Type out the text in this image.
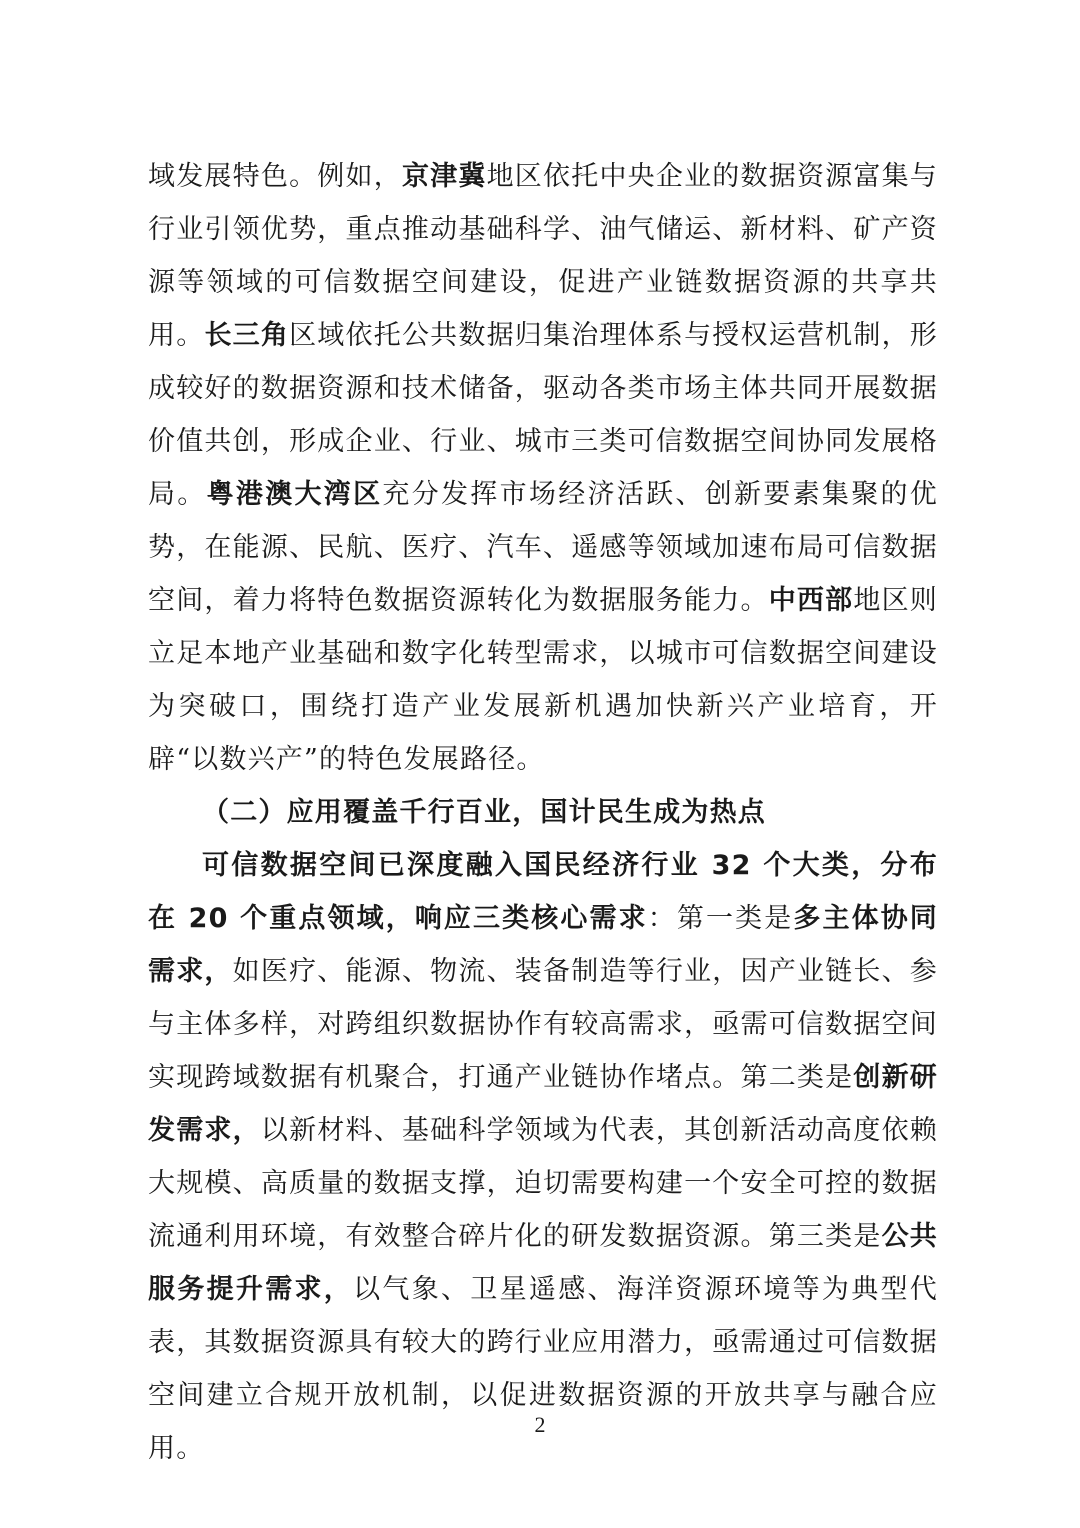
域发展特色。例如，京津冀地区依托中央企业的数据资源富集与行业引领优势，重点推动基础科学、油气储运、新材料、矿产资源等领域的可信数据空间建设，促进产业链数据资源的共享共用。长三角区域依托公共数据归集治理体系与授权运营机制，形成较好的数据资源和技术储备，驱动各类市场主体共同开展数据价值共创，形成企业、行业、城市三类可信数据空间协同发展格局。粤港澳大湾区充分发挥市场经济活跃、创新要素集聚的优势，在能源、民航、医疗、汽车、遥感等领域加速布局可信数据空间，着力将特色数据资源转化为数据服务能力。中西部地区则立足本地产业基础和数字化转型需求，以城市可信数据空间建设为突破口，围绕打造产业发展新机遇加快新兴产业培育，开辟“以数兴产”的特色发展路径。

（二）应用覆盖千行百业，国计民生成为热点

可信数据空间已深度融入国民经济行业 32 个大类，分布在 20 个重点领域，响应三类核心需求：第一类是多主体协同需求，如医疗、能源、物流、装备制造等行业，因产业链长、参与主体多样，对跨组织数据协作有较高需求，亟需可信数据空间实现跨域数据有机聚合，打通产业链协作堵点。第二类是创新研发需求，以新材料、基础科学领域为代表，其创新活动高度依赖大规模、高质量的数据支撑，迫切需要构建一个安全可控的数据流通利用环境，有效整合碎片化的研发数据资源。第三类是公共服务提升需求，以气象、卫星遥感、海洋资源环境等为典型代表，其数据资源具有较大的跨行业应用潜力，亟需通过可信数据空间建立合规开放机制，以促进数据资源的开放共享与融合应用。

2
